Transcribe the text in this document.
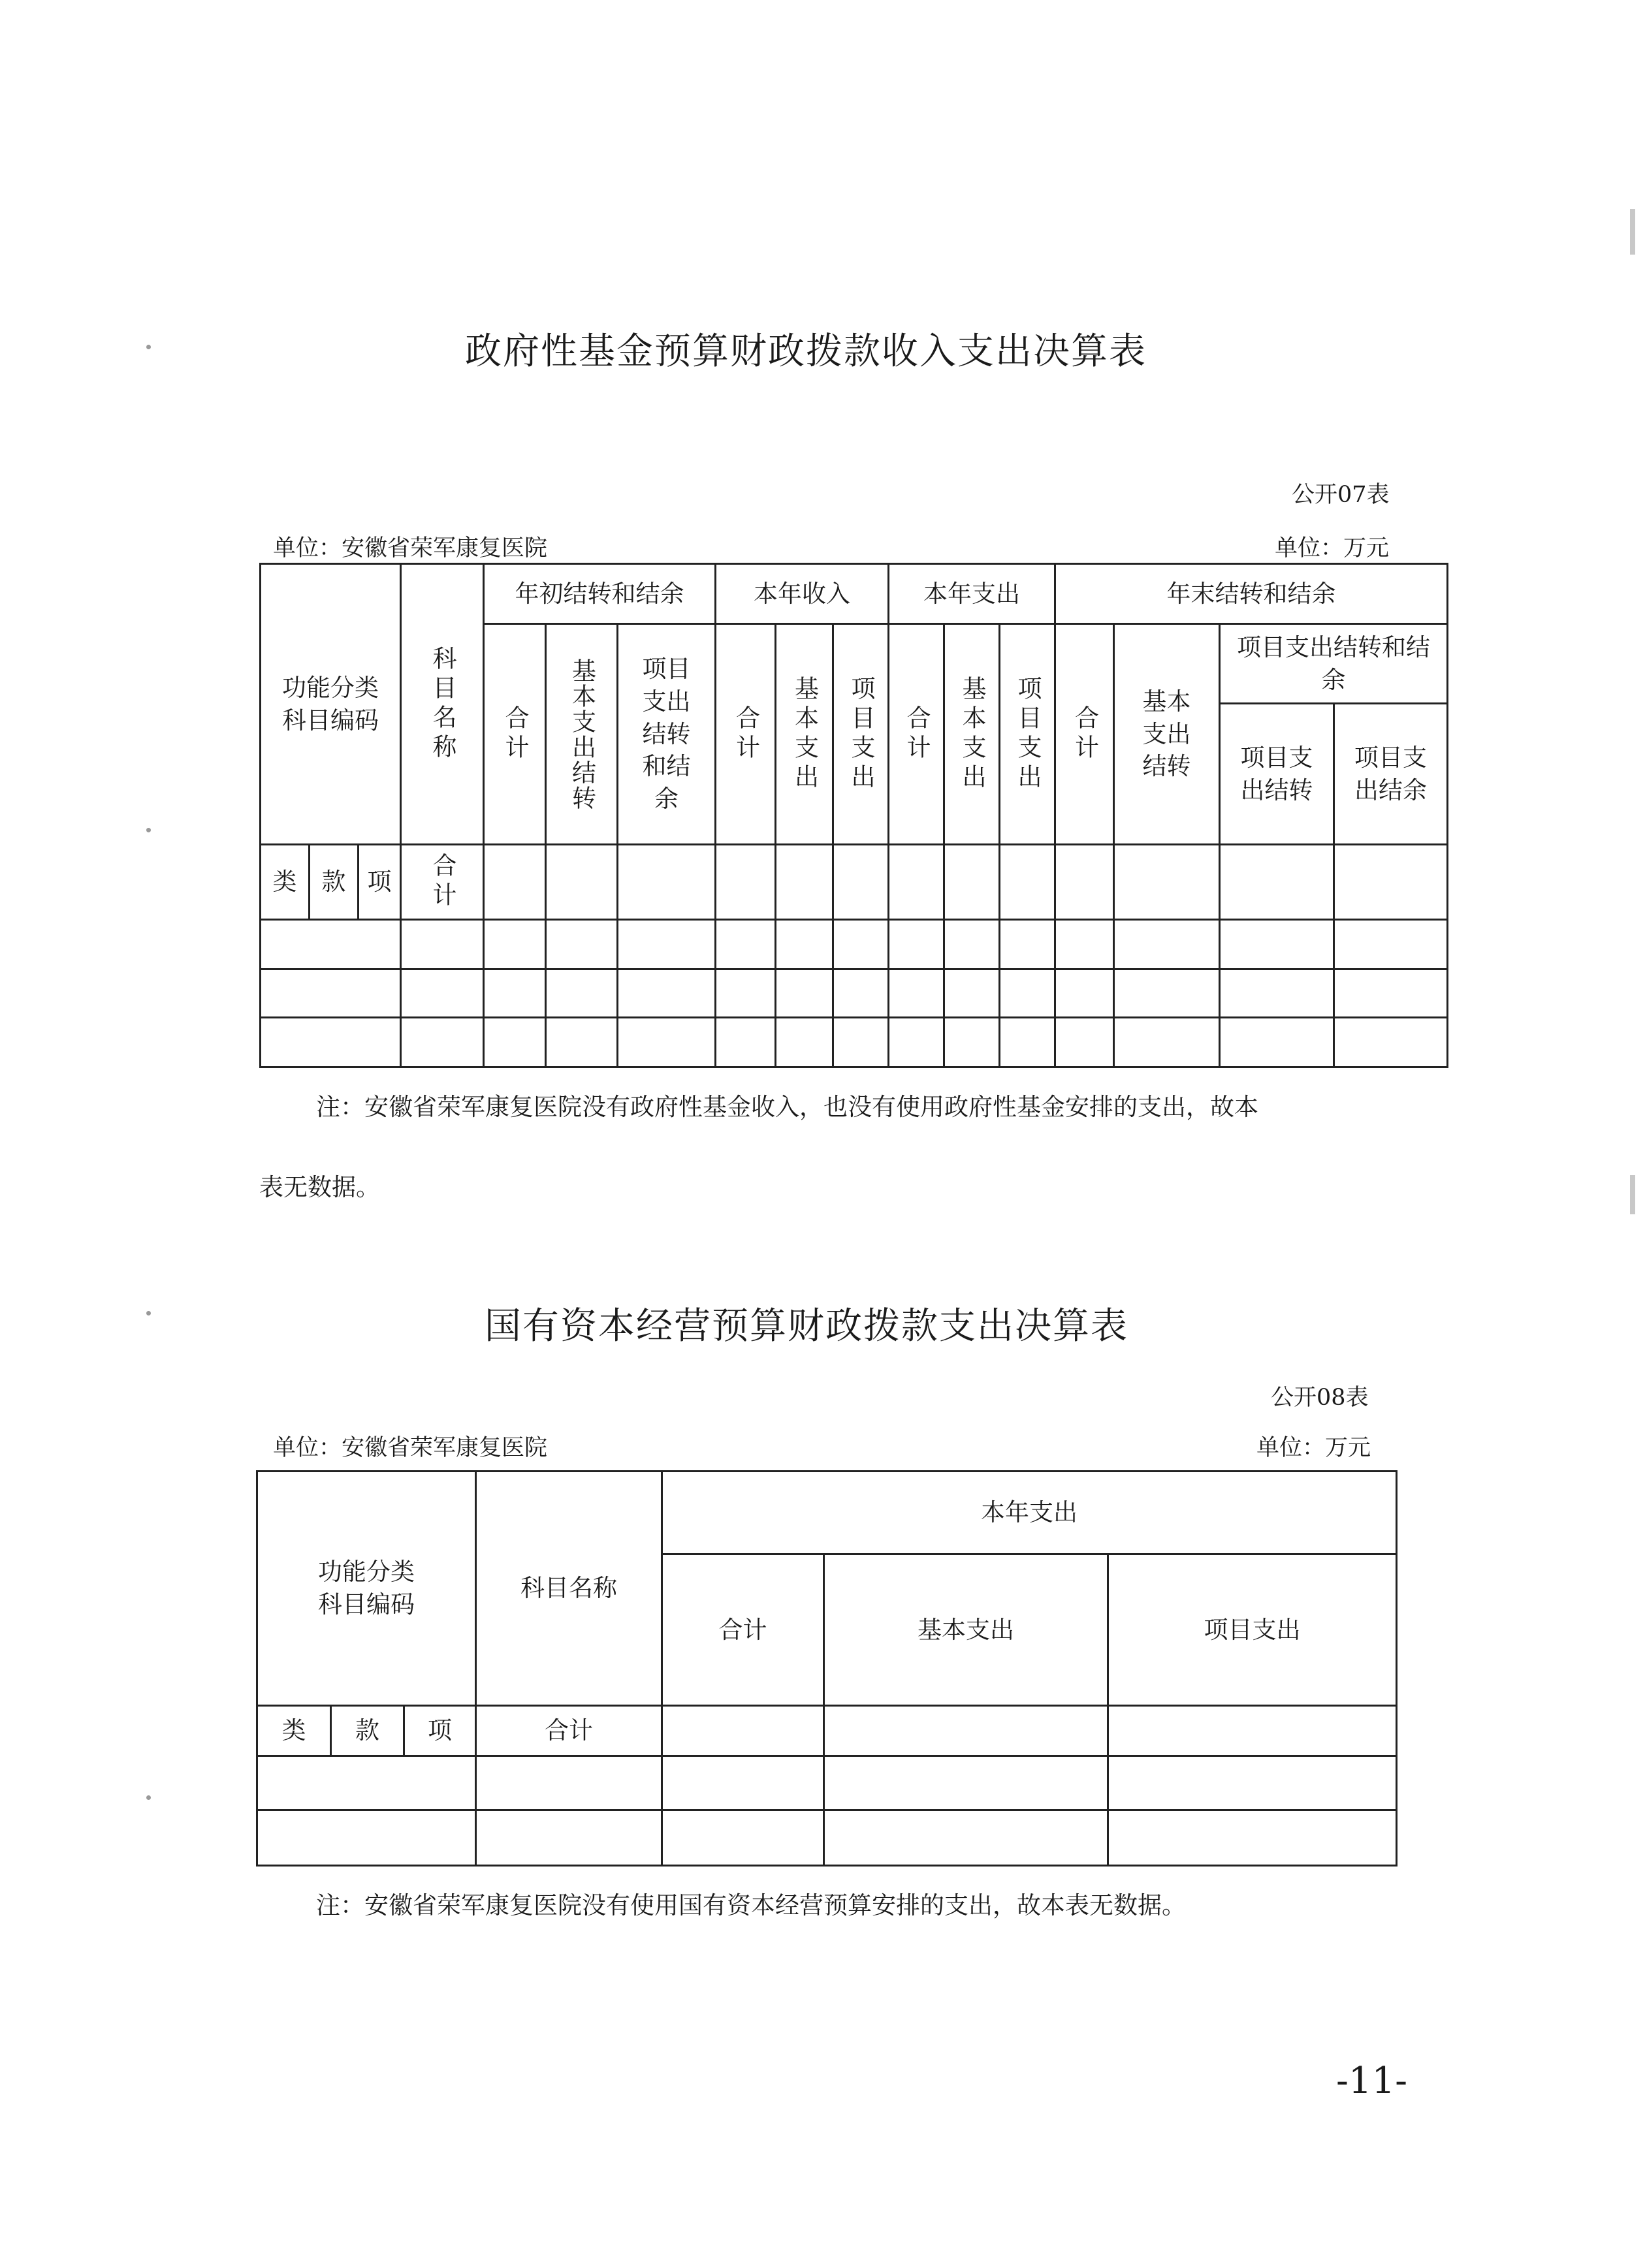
政府性基金预算财政拨款收入支出决算表
公开07表
单位：安徽省荣军康复医院	单位：万元
功能分类科目编码			科目名称	年初结转和结余			本年收入			本年支出			年末结转和结余			

				合计	基本支出结转	项目支出结转和结余	合计	基本支出	项目支出	合计	基本支出	项目支出	合计	基本支出结转	项目支出结转和结余	

															项目支出结转	项目支出结余

类	款	项	合计													

注：安徽省荣军康复医院没有政府性基金收入，也没有使用政府性基金安排的支出，故本
表无数据。
国有资本经营预算财政拨款支出决算表
公开08表
单位：安徽省荣军康复医院	单位：万元
功能分类科目编码			科目名称	本年支出		
				合计	基本支出	项目支出
类	款	项	合计			

注：安徽省荣军康复医院没有使用国有资本经营预算安排的支出，故本表无数据。
-11-
